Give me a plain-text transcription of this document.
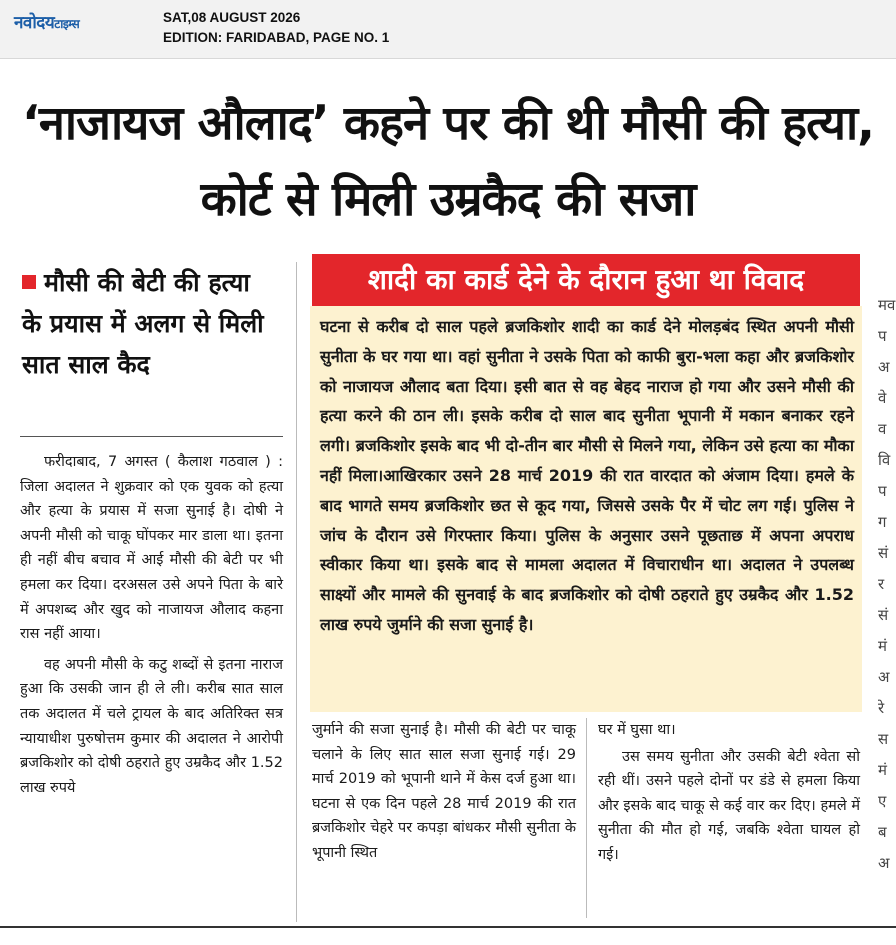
नवोदयटाइम्स	SAT,08 AUGUST 2026
EDITION: FARIDABAD, PAGE NO. 1
‘नाजायज औलाद’ कहने पर की थी मौसी की हत्या, कोर्ट से मिली उम्रकैद की सजा
मौसी की बेटी की हत्या के प्रयास में अलग से मिली सात साल कैद

फरीदाबाद, 7 अगस्त ( कैलाश गठवाल ) : जिला अदालत ने शुक्रवार को एक युवक को हत्या और हत्या के प्रयास में सजा सुनाई है। दोषी ने अपनी मौसी को चाकू घोंपकर मार डाला था। इतना ही नहीं बीच बचाव में आई मौसी की बेटी पर भी हमला कर दिया। दरअसल उसे अपने पिता के बारे में अपशब्द और खुद को नाजायज औलाद कहना रास नहीं आया।

वह अपनी मौसी के कटु शब्दों से इतना नाराज हुआ कि उसकी जान ही ले ली। करीब सात साल तक अदालत में चले ट्रायल के बाद अतिरिक्त सत्र न्यायाधीश पुरुषोत्तम कुमार की अदालत ने आरोपी ब्रजकिशोर को दोषी ठहराते हुए उम्रकैद और 1.52 लाख रुपये

शादी का कार्ड देने के दौरान हुआ था विवाद
घटना से करीब दो साल पहले ब्रजकिशोर शादी का कार्ड देने मोलड़बंद स्थित अपनी मौसी सुनीता के घर गया था। वहां सुनीता ने उसके पिता को काफी बुरा-भला कहा और ब्रजकिशोर को नाजायज औलाद बता दिया। इसी बात से वह बेहद नाराज हो गया और उसने मौसी की हत्या करने की ठान ली। इसके करीब दो साल बाद सुनीता भूपानी में मकान बनाकर रहने लगी। ब्रजकिशोर इसके बाद भी दो-तीन बार मौसी से मिलने गया, लेकिन उसे हत्या का मौका नहीं मिला।आखिरकार उसने 28 मार्च 2019 की रात वारदात को अंजाम दिया। हमले के बाद भागते समय ब्रजकिशोर छत से कूद गया, जिससे उसके पैर में चोट लग गई। पुलिस ने जांच के दौरान उसे गिरफ्तार किया। पुलिस के अनुसार उसने पूछताछ में अपना अपराध स्वीकार किया था। इसके बाद से मामला अदालत में विचाराधीन था। अदालत ने उपलब्ध साक्ष्यों और मामले की सुनवाई के बाद ब्रजकिशोर को दोषी ठहराते हुए उम्रकैद और 1.52 लाख रुपये जुर्माने की सजा सुनाई है।

जुर्माने की सजा सुनाई है। मौसी की बेटी पर चाकू चलाने के लिए सात साल सजा सुनाई गई। 29 मार्च 2019 को भूपानी थाने में केस दर्ज हुआ था। घटना से एक दिन पहले 28 मार्च 2019 की रात ब्रजकिशोर चेहरे पर कपड़ा बांधकर मौसी सुनीता के भूपानी स्थित

घर में घुसा था।

उस समय सुनीता और उसकी बेटी श्वेता सो रही थीं। उसने पहले दोनों पर डंडे से हमला किया और इसके बाद चाकू से कई वार कर दिए। हमले में सुनीता की मौत हो गई, जबकि श्वेता घायल हो गई।

मव प अ वे व वि प ग सं र सं मं अ रे स मं ए ब अ
